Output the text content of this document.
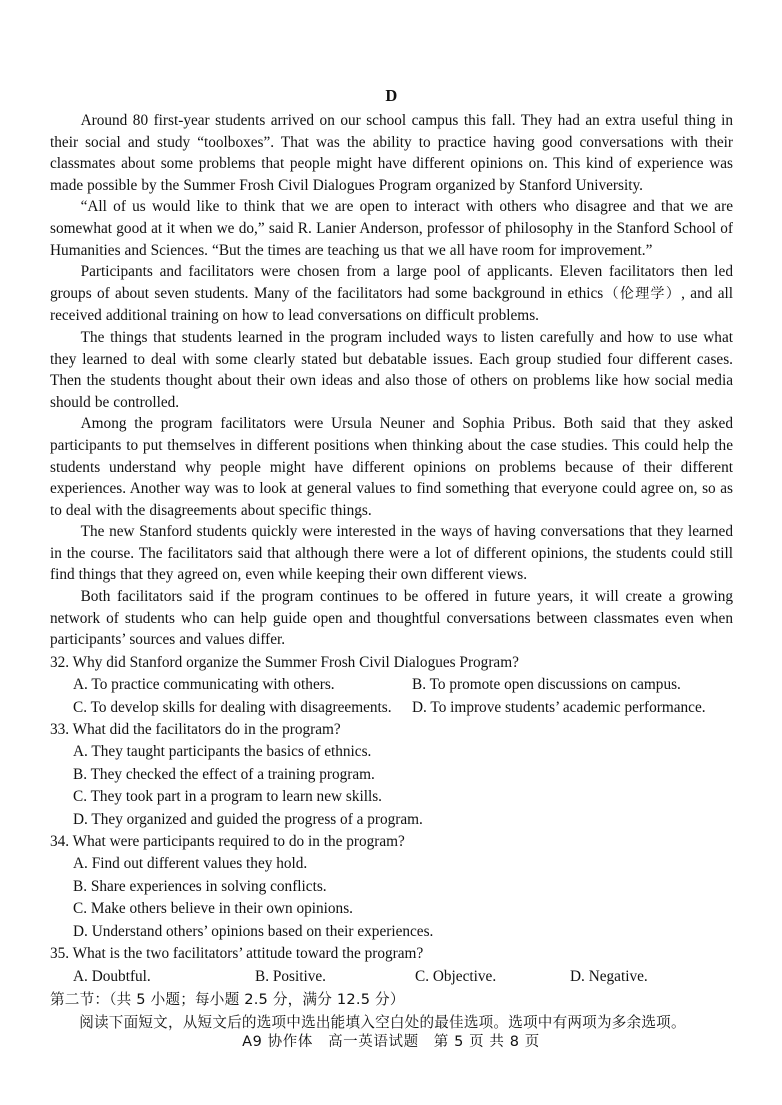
D

Around 80 first-year students arrived on our school campus this fall. They had an extra useful thing in their social and study “toolboxes”. That was the ability to practice having good conversations with their classmates about some problems that people might have different opinions on. This kind of experience was made possible by the Summer Frosh Civil Dialogues Program organized by Stanford University.

“All of us would like to think that we are open to interact with others who disagree and that we are somewhat good at it when we do,” said R. Lanier Anderson, professor of philosophy in the Stanford School of Humanities and Sciences. “But the times are teaching us that we all have room for improvement.”

Participants and facilitators were chosen from a large pool of applicants. Eleven facilitators then led groups of about seven students. Many of the facilitators had some background in ethics（伦理学）, and all received additional training on how to lead conversations on difficult problems.

The things that students learned in the program included ways to listen carefully and how to use what they learned to deal with some clearly stated but debatable issues. Each group studied four different cases. Then the students thought about their own ideas and also those of others on problems like how social media should be controlled.

Among the program facilitators were Ursula Neuner and Sophia Pribus. Both said that they asked participants to put themselves in different positions when thinking about the case studies. This could help the students understand why people might have different opinions on problems because of their different experiences. Another way was to look at general values to find something that everyone could agree on, so as to deal with the disagreements about specific things.

The new Stanford students quickly were interested in the ways of having conversations that they learned in the course. The facilitators said that although there were a lot of different opinions, the students could still find things that they agreed on, even while keeping their own different views.

Both facilitators said if the program continues to be offered in future years, it will create a growing network of students who can help guide open and thoughtful conversations between classmates even when participants’ sources and values differ.

32. Why did Stanford organize the Summer Frosh Civil Dialogues Program?

A. To practice communicating with others.	B. To promote open discussions on campus.
C. To develop skills for dealing with disagreements. D. To improve students’ academic performance.

33. What did the facilitators do in the program?

A. They taught participants the basics of ethnics.
B. They checked the effect of a training program.
C. They took part in a program to learn new skills.
D. They organized and guided the progress of a program.

34. What were participants required to do in the program?

A. Find out different values they hold.
B. Share experiences in solving conflicts.
C. Make others believe in their own opinions.
D. Understand others’ opinions based on their experiences.

35. What is the two facilitators’ attitude toward the program?

A. Doubtful.	B. Positive.	C. Objective.	D. Negative.

第二节：（共 5 小题；每小题 2.5 分，满分 12.5 分）

阅读下面短文，从短文后的选项中选出能填入空白处的最佳选项。选项中有两项为多余选项。

A9 协作体　高一英语试题　第 5 页 共 8 页
